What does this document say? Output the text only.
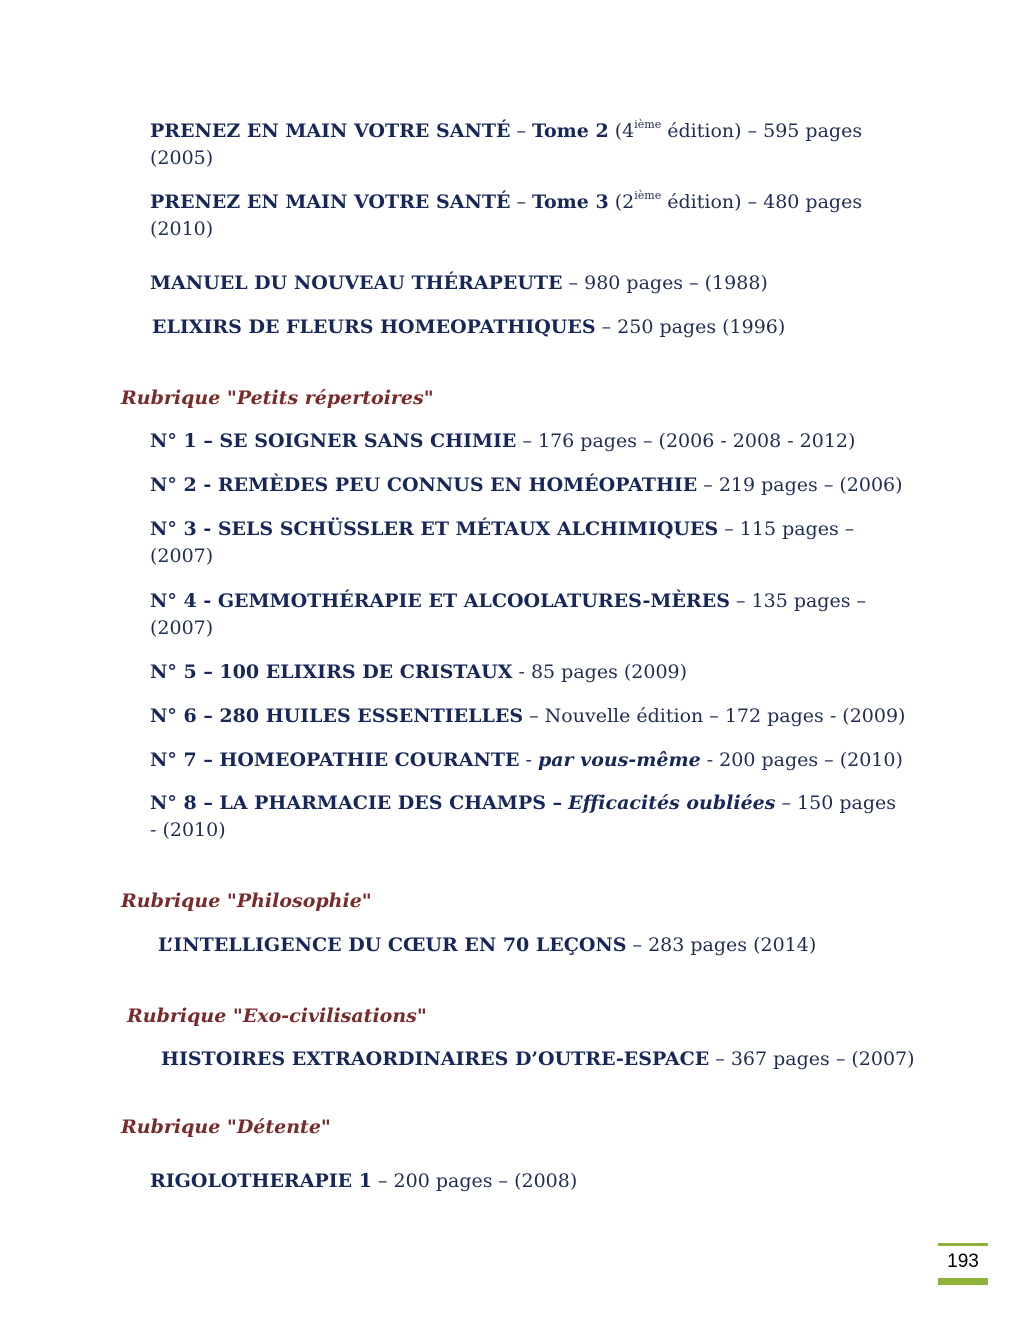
PRENEZ EN MAIN VOTRE SANTÉ – Tome 2 (4ième édition) – 595 pages

(2005)

PRENEZ EN MAIN VOTRE SANTÉ – Tome 3 (2ième édition) – 480 pages

(2010)

MANUEL DU NOUVEAU THÉRAPEUTE – 980 pages – (1988)

ELIXIRS DE FLEURS HOMEOPATHIQUES – 250 pages (1996)

Rubrique "Petits répertoires"

N° 1 – SE SOIGNER SANS CHIMIE – 176 pages – (2006 - 2008 - 2012)

N° 2 - REMÈDES PEU CONNUS EN HOMÉOPATHIE – 219 pages – (2006)

N° 3 - SELS SCHÜSSLER ET MÉTAUX ALCHIMIQUES – 115 pages –

(2007)

N° 4 - GEMMOTHÉRAPIE ET ALCOOLATURES-MÈRES – 135 pages –

(2007)

N° 5 – 100 ELIXIRS DE CRISTAUX - 85 pages (2009)

N° 6 – 280 HUILES ESSENTIELLES – Nouvelle édition – 172 pages - (2009)

N° 7 – HOMEOPATHIE COURANTE - par vous-même - 200 pages – (2010)

N° 8 – LA PHARMACIE DES CHAMPS – Efficacités oubliées – 150 pages

- (2010)

Rubrique "Philosophie"

L’INTELLIGENCE DU CŒUR EN 70 LEÇONS – 283 pages (2014)

Rubrique "Exo-civilisations"

HISTOIRES EXTRAORDINAIRES D’OUTRE-ESPACE – 367 pages – (2007)

Rubrique "Détente"

RIGOLOTHERAPIE 1 – 200 pages – (2008)

193
